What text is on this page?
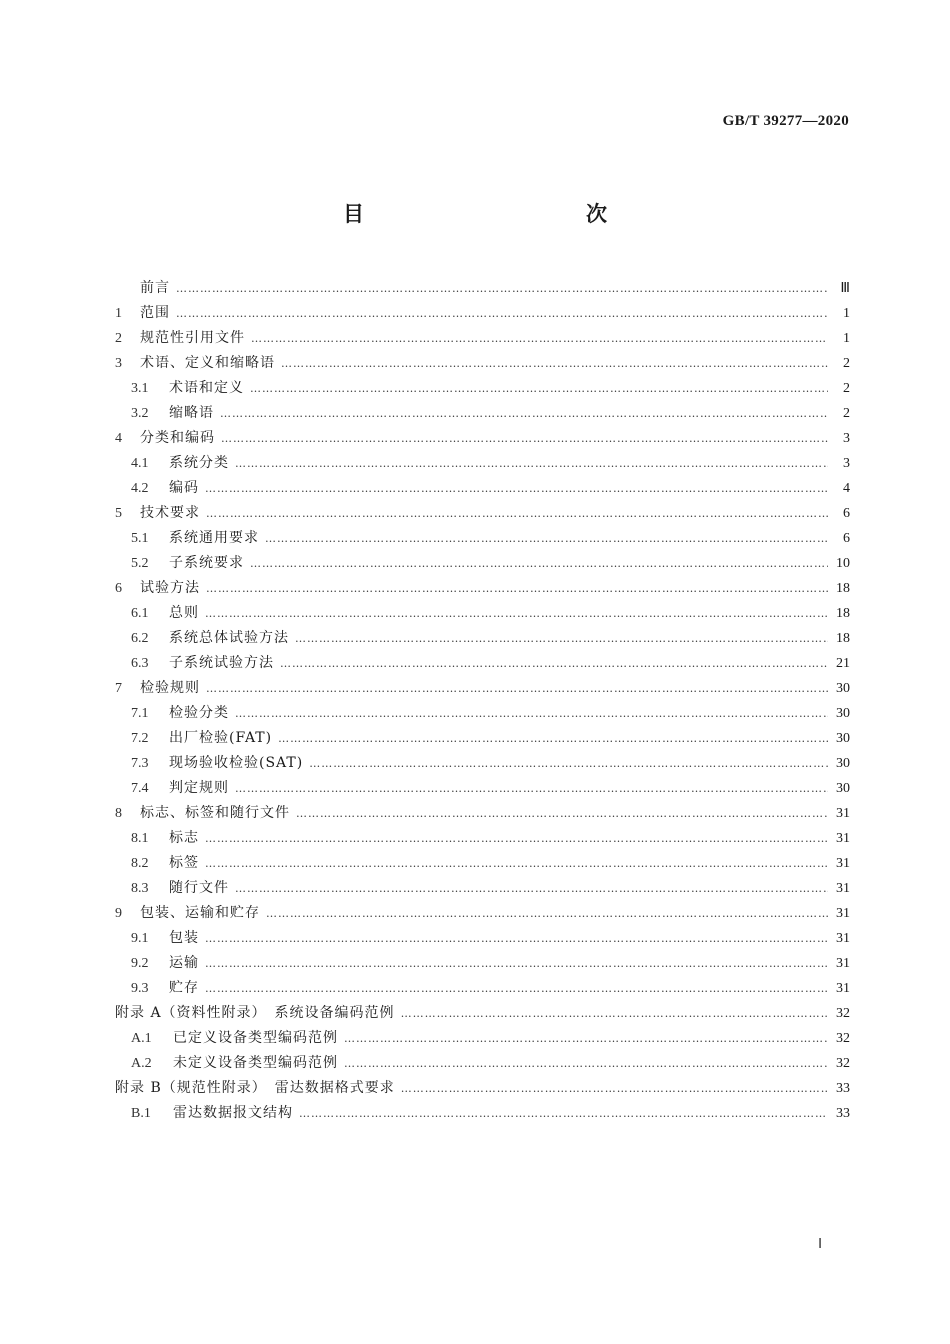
GB/T 39277—2020
目　　次
前言 …………………………………………………………………………………………………………………………………………………………………………………………………………………………………………	Ⅲ
1	范围 …………………………………………………………………………………………………………………………………………………………………………………………………………………………………………	1
2	规范性引用文件 …………………………………………………………………………………………………………………………………………………………………………………………………………………………………………	1
3	术语、定义和缩略语 …………………………………………………………………………………………………………………………………………………………………………………………………………………………………………	2
3.1	术语和定义 …………………………………………………………………………………………………………………………………………………………………………………………………………………………………………	2
3.2	缩略语 …………………………………………………………………………………………………………………………………………………………………………………………………………………………………………	2
4	分类和编码 …………………………………………………………………………………………………………………………………………………………………………………………………………………………………………	3
4.1	系统分类 …………………………………………………………………………………………………………………………………………………………………………………………………………………………………………	3
4.2	编码 …………………………………………………………………………………………………………………………………………………………………………………………………………………………………………	4
5	技术要求 …………………………………………………………………………………………………………………………………………………………………………………………………………………………………………	6
5.1	系统通用要求 …………………………………………………………………………………………………………………………………………………………………………………………………………………………………………	6
5.2	子系统要求 …………………………………………………………………………………………………………………………………………………………………………………………………………………………………………	10
6	试验方法 …………………………………………………………………………………………………………………………………………………………………………………………………………………………………………	18
6.1	总则 …………………………………………………………………………………………………………………………………………………………………………………………………………………………………………	18
6.2	系统总体试验方法 …………………………………………………………………………………………………………………………………………………………………………………………………………………………………………	18
6.3	子系统试验方法 …………………………………………………………………………………………………………………………………………………………………………………………………………………………………………	21
7	检验规则 …………………………………………………………………………………………………………………………………………………………………………………………………………………………………………	30
7.1	检验分类 …………………………………………………………………………………………………………………………………………………………………………………………………………………………………………	30
7.2	出厂检验(FAT) …………………………………………………………………………………………………………………………………………………………………………………………………………………………………………	30
7.3	现场验收检验(SAT) …………………………………………………………………………………………………………………………………………………………………………………………………………………………………………	30
7.4	判定规则 …………………………………………………………………………………………………………………………………………………………………………………………………………………………………………	30
8	标志、标签和随行文件 …………………………………………………………………………………………………………………………………………………………………………………………………………………………………………	31
8.1	标志 …………………………………………………………………………………………………………………………………………………………………………………………………………………………………………	31
8.2	标签 …………………………………………………………………………………………………………………………………………………………………………………………………………………………………………	31
8.3	随行文件 …………………………………………………………………………………………………………………………………………………………………………………………………………………………………………	31
9	包装、运输和贮存 …………………………………………………………………………………………………………………………………………………………………………………………………………………………………………	31
9.1	包装 …………………………………………………………………………………………………………………………………………………………………………………………………………………………………………	31
9.2	运输 …………………………………………………………………………………………………………………………………………………………………………………………………………………………………………	31
9.3	贮存 …………………………………………………………………………………………………………………………………………………………………………………………………………………………………………	31
附录 A（资料性附录）　系统设备编码范例 …………………………………………………………………………………………………………………………………………………………………………………………………………………………………………	32
A.1	已定义设备类型编码范例 …………………………………………………………………………………………………………………………………………………………………………………………………………………………………………	32
A.2	未定义设备类型编码范例 …………………………………………………………………………………………………………………………………………………………………………………………………………………………………………	32
附录 B（规范性附录）　雷达数据格式要求 …………………………………………………………………………………………………………………………………………………………………………………………………………………………………………	33
B.1	雷达数据报文结构 …………………………………………………………………………………………………………………………………………………………………………………………………………………………………………	33
Ⅰ
